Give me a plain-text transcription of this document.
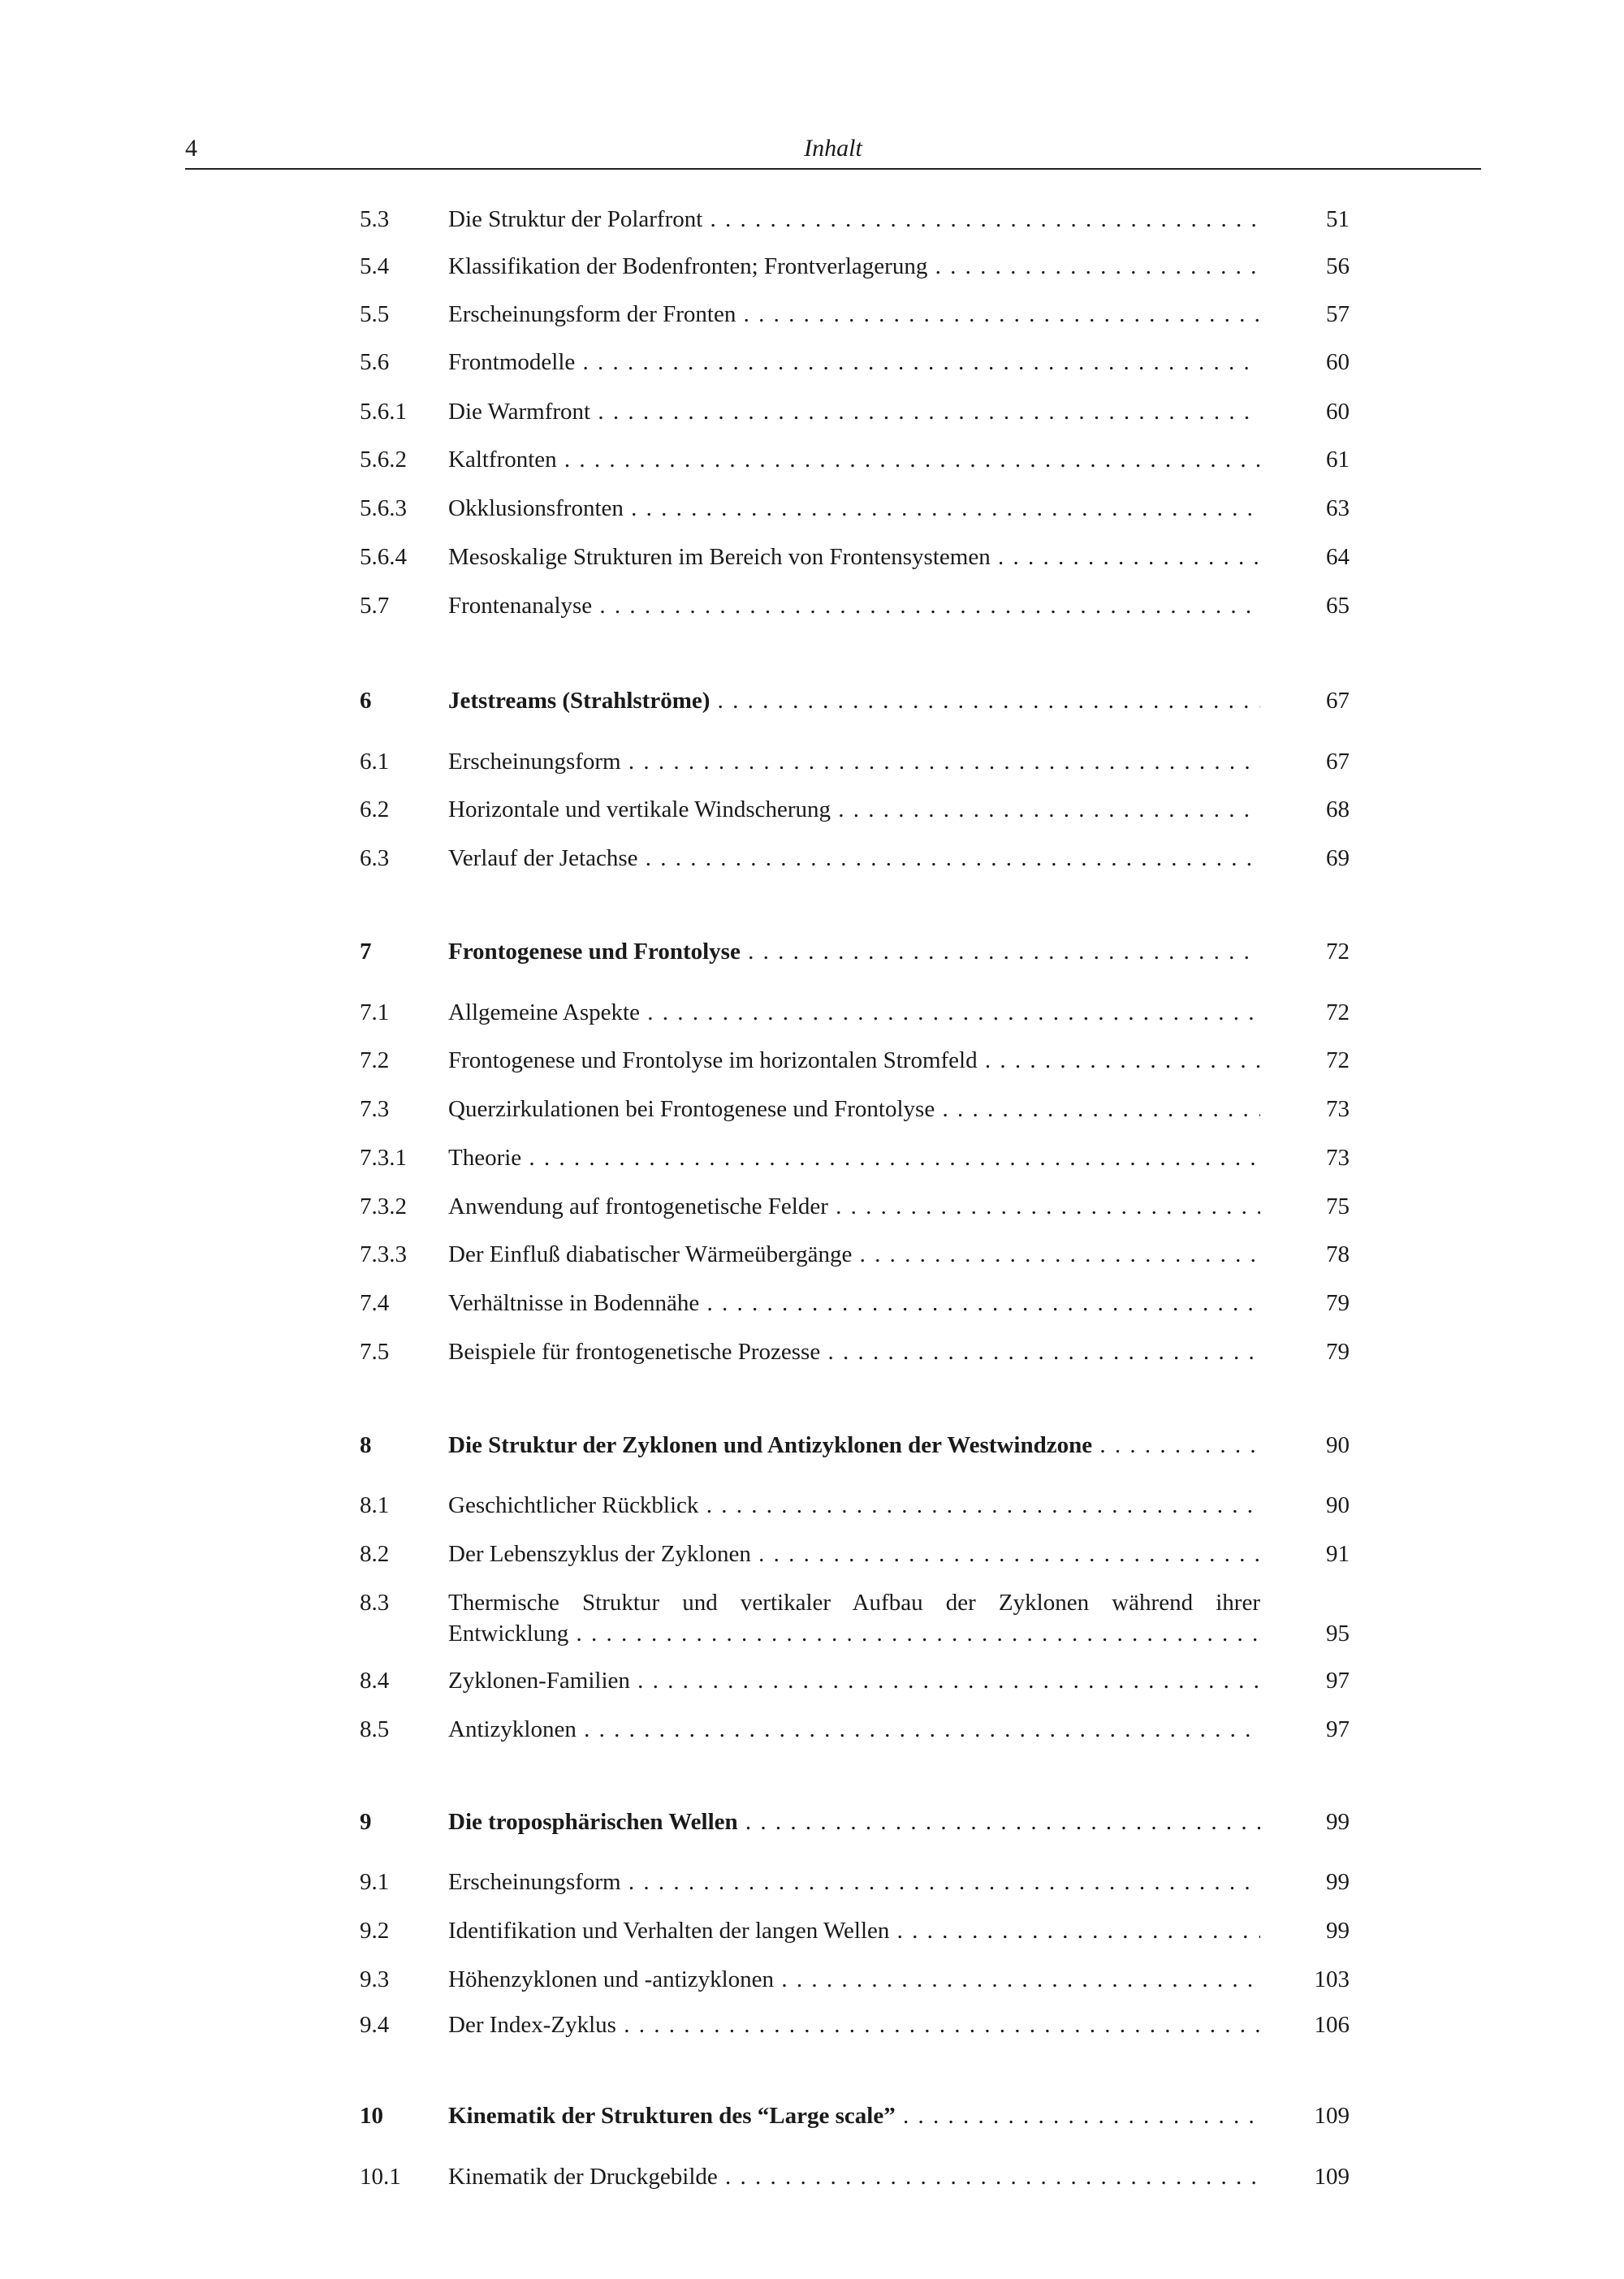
4	Inhalt
5.3	Die Struktur der Polarfront . . .	51
5.4	Klassifikation der Bodenfronten; Frontverlagerung . . .	56
5.5	Erscheinungsform der Fronten . . .	57
5.6	Frontmodelle . . .	60
5.6.1 Die Warmfront . . .	60
5.6.2 Kaltfronten . . .	61
5.6.3 Okklusionsfronten . . .	63
5.6.4 Mesoskalige Strukturen im Bereich von Frontensystemen . . .	64
5.7	Frontenanalyse . . .	65
6	Jetstreams (Strahlströme) . . .	67
6.1	Erscheinungsform . . .	67
6.2	Horizontale und vertikale Windscherung . . .	68
6.3	Verlauf der Jetachse . . .	69
7	Frontogenese und Frontolyse . . .	72
7.1	Allgemeine Aspekte . . .	72
7.2	Frontogenese und Frontolyse im horizontalen Stromfeld . . .	72
7.3	Querzirkulationen bei Frontogenese und Frontolyse . . .	73
7.3.1 Theorie . . .	73
7.3.2 Anwendung auf frontogenetische Felder . . .	75
7.3.3 Der Einfluß diabatischer Wärmeübergänge . . .	78
7.4	Verhältnisse in Bodennähe . . .	79
7.5	Beispiele für frontogenetische Prozesse . . .	79
8	Die Struktur der Zyklonen und Antizyklonen der Westwindzone . . .	90
8.1	Geschichtlicher Rückblick . . .	90
8.2	Der Lebenszyklus der Zyklonen . . .	91
8.3	Thermische Struktur und vertikaler Aufbau der Zyklonen während ihrer
Entwicklung . . .	95
8.4	Zyklonen-Familien . . .	97
8.5	Antizyklonen . . .	97
9	Die troposphärischen Wellen . . .	99
9.1	Erscheinungsform . . .	99
9.2	Identifikation und Verhalten der langen Wellen . . .	99
9.3	Höhenzyklonen und -antizyklonen . . .	103
9.4	Der Index-Zyklus . . .	106
10	Kinematik der Strukturen des “Large scale” . . .	109
10.1 Kinematik der Druckgebilde . . .	109
